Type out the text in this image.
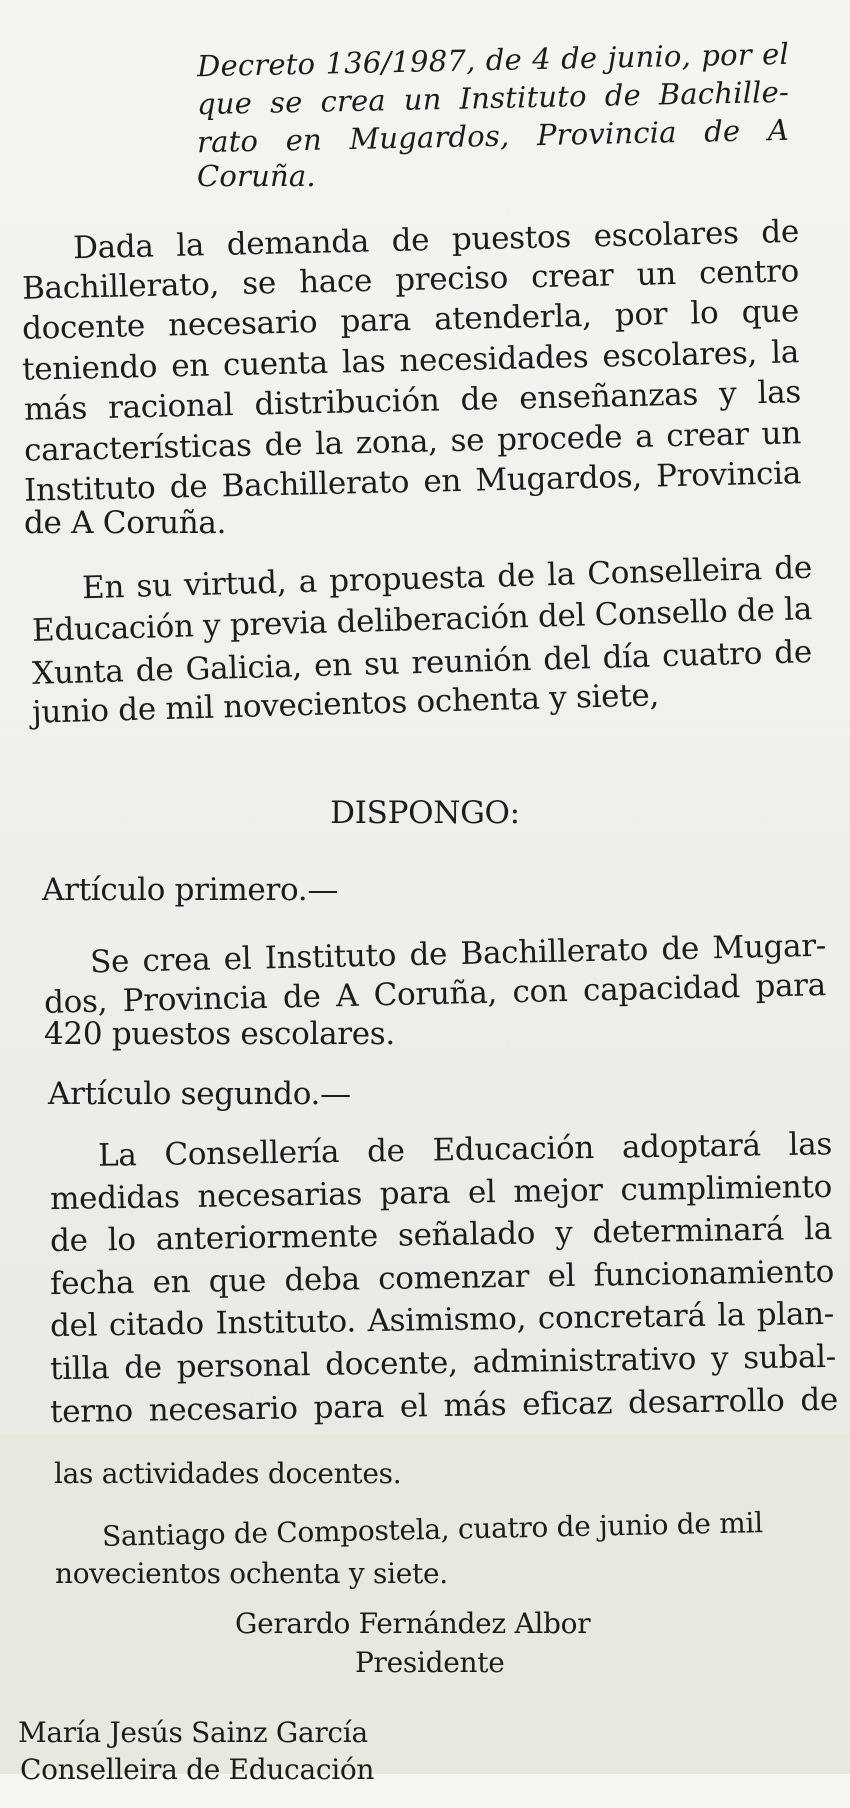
Decreto 136/1987, de 4 de junio, por el
que se crea un Instituto de Bachille-
rato en Mugardos, Provincia de A
Coruña.
Dada la demanda de puestos escolares de
Bachillerato, se hace preciso crear un centro
docente necesario para atenderla, por lo que
teniendo en cuenta las necesidades escolares, la
más racional distribución de enseñanzas y las
características de la zona, se procede a crear un
Instituto de Bachillerato en Mugardos, Provincia
de A Coruña.
En su virtud, a propuesta de la Conselleira de
Educación y previa deliberación del Consello de la
Xunta de Galicia, en su reunión del día cuatro de
junio de mil novecientos ochenta y siete,
DISPONGO:
Artículo primero.—
Se crea el Instituto de Bachillerato de Mugar-
dos, Provincia de A Coruña, con capacidad para
420 puestos escolares.
Artículo segundo.—
La Consellería de Educación adoptará las
medidas necesarias para el mejor cumplimiento
de lo anteriormente señalado y determinará la
fecha en que deba comenzar el funcionamiento
del citado Instituto. Asimismo, concretará la plan-
tilla de personal docente, administrativo y subal-
terno necesario para el más eficaz desarrollo de
las actividades docentes.
Santiago de Compostela, cuatro de junio de mil
novecientos ochenta y siete.
Gerardo Fernández Albor
Presidente
María Jesús Sainz García
Conselleira de Educación
